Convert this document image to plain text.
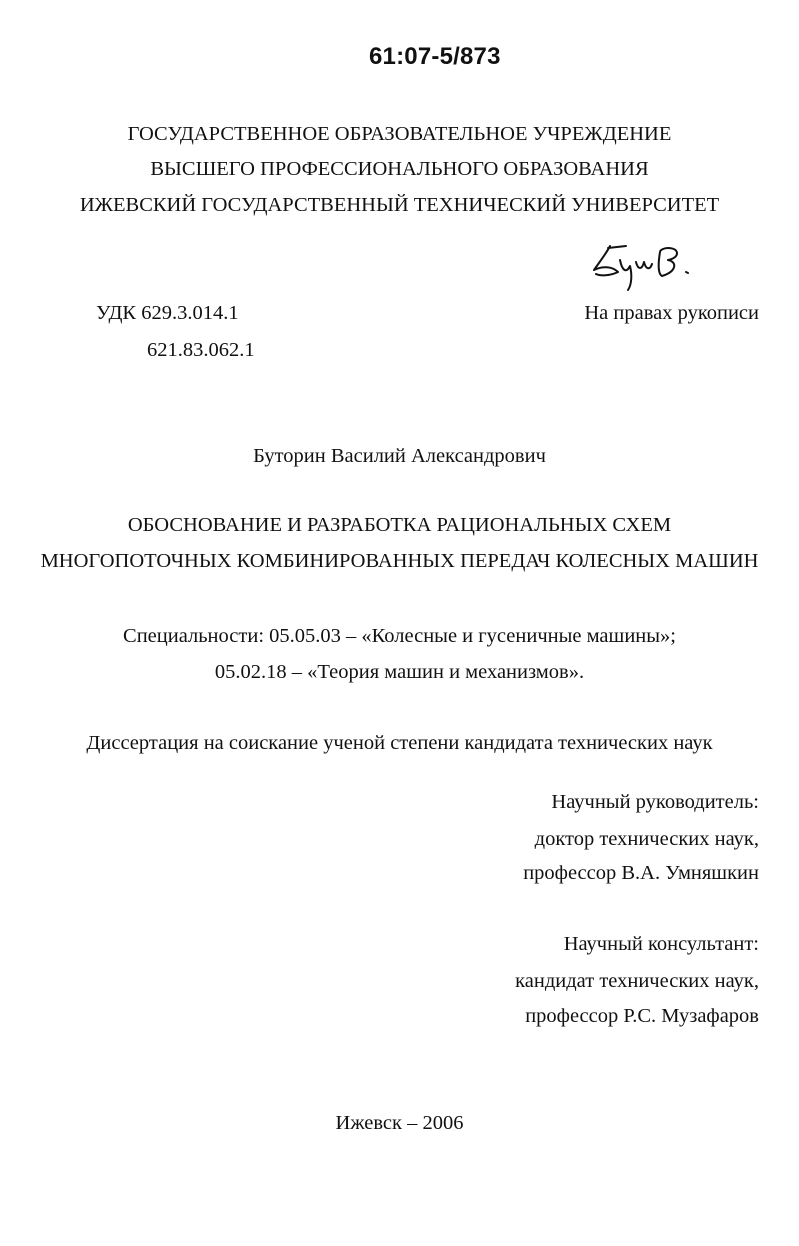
61:07-5/873
ГОСУДАРСТВЕННОЕ ОБРАЗОВАТЕЛЬНОЕ УЧРЕЖДЕНИЕ
ВЫСШЕГО ПРОФЕССИОНАЛЬНОГО ОБРАЗОВАНИЯ
ИЖЕВСКИЙ ГОСУДАРСТВЕННЫЙ ТЕХНИЧЕСКИЙ УНИВЕРСИТЕТ
УДК 629.3.014.1
621.83.062.1
На правах рукописи
Буторин Василий Александрович
ОБОСНОВАНИЕ И РАЗРАБОТКА РАЦИОНАЛЬНЫХ СХЕМ
МНОГОПОТОЧНЫХ КОМБИНИРОВАННЫХ ПЕРЕДАЧ КОЛЕСНЫХ МАШИН
Специальности: 05.05.03 – «Колесные и гусеничные машины»;
05.02.18 – «Теория машин и механизмов».
Диссертация на соискание ученой степени кандидата технических наук
Научный руководитель:
доктор технических наук,
профессор В.А. Умняшкин
Научный консультант:
кандидат технических наук,
профессор Р.С. Музафаров
Ижевск – 2006
